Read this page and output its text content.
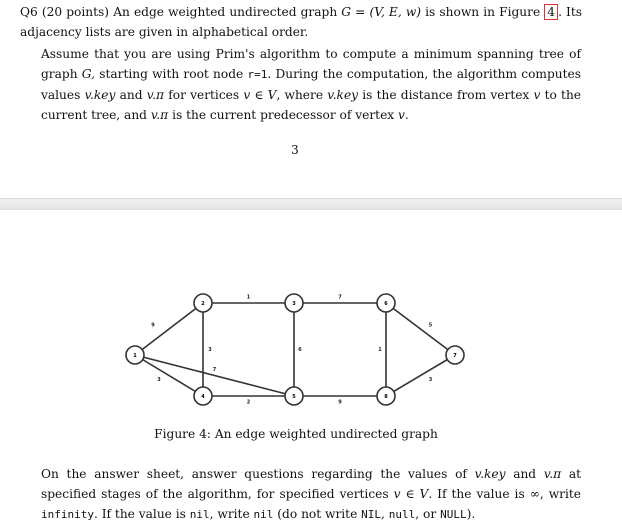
Q6 (20 points) An edge weighted undirected graph G = (V, E, w) is shown in Figure 4 . Its adjacency lists are given in alphabetical order.
Assume that you are using Prim's algorithm to compute a minimum spanning tree of graph G, starting with root node r=1. During the computation, the algorithm computes values v.key and v.π for vertices v ∈ V, where v.key is the distance from vertex v to the current tree, and v.π is the current predecessor of vertex v.
3
9
3
7
1
3
2
6
7
9
1
5
3
1
2	3
4	5
6
7
8
Figure 4: An edge weighted undirected graph
On the answer sheet, answer questions regarding the values of v.key and v.π at specified stages of the algorithm, for specified vertices v ∈ V. If the value is ∞, write infinity. If the value is nil, write nil (do not write NIL, null, or NULL).
